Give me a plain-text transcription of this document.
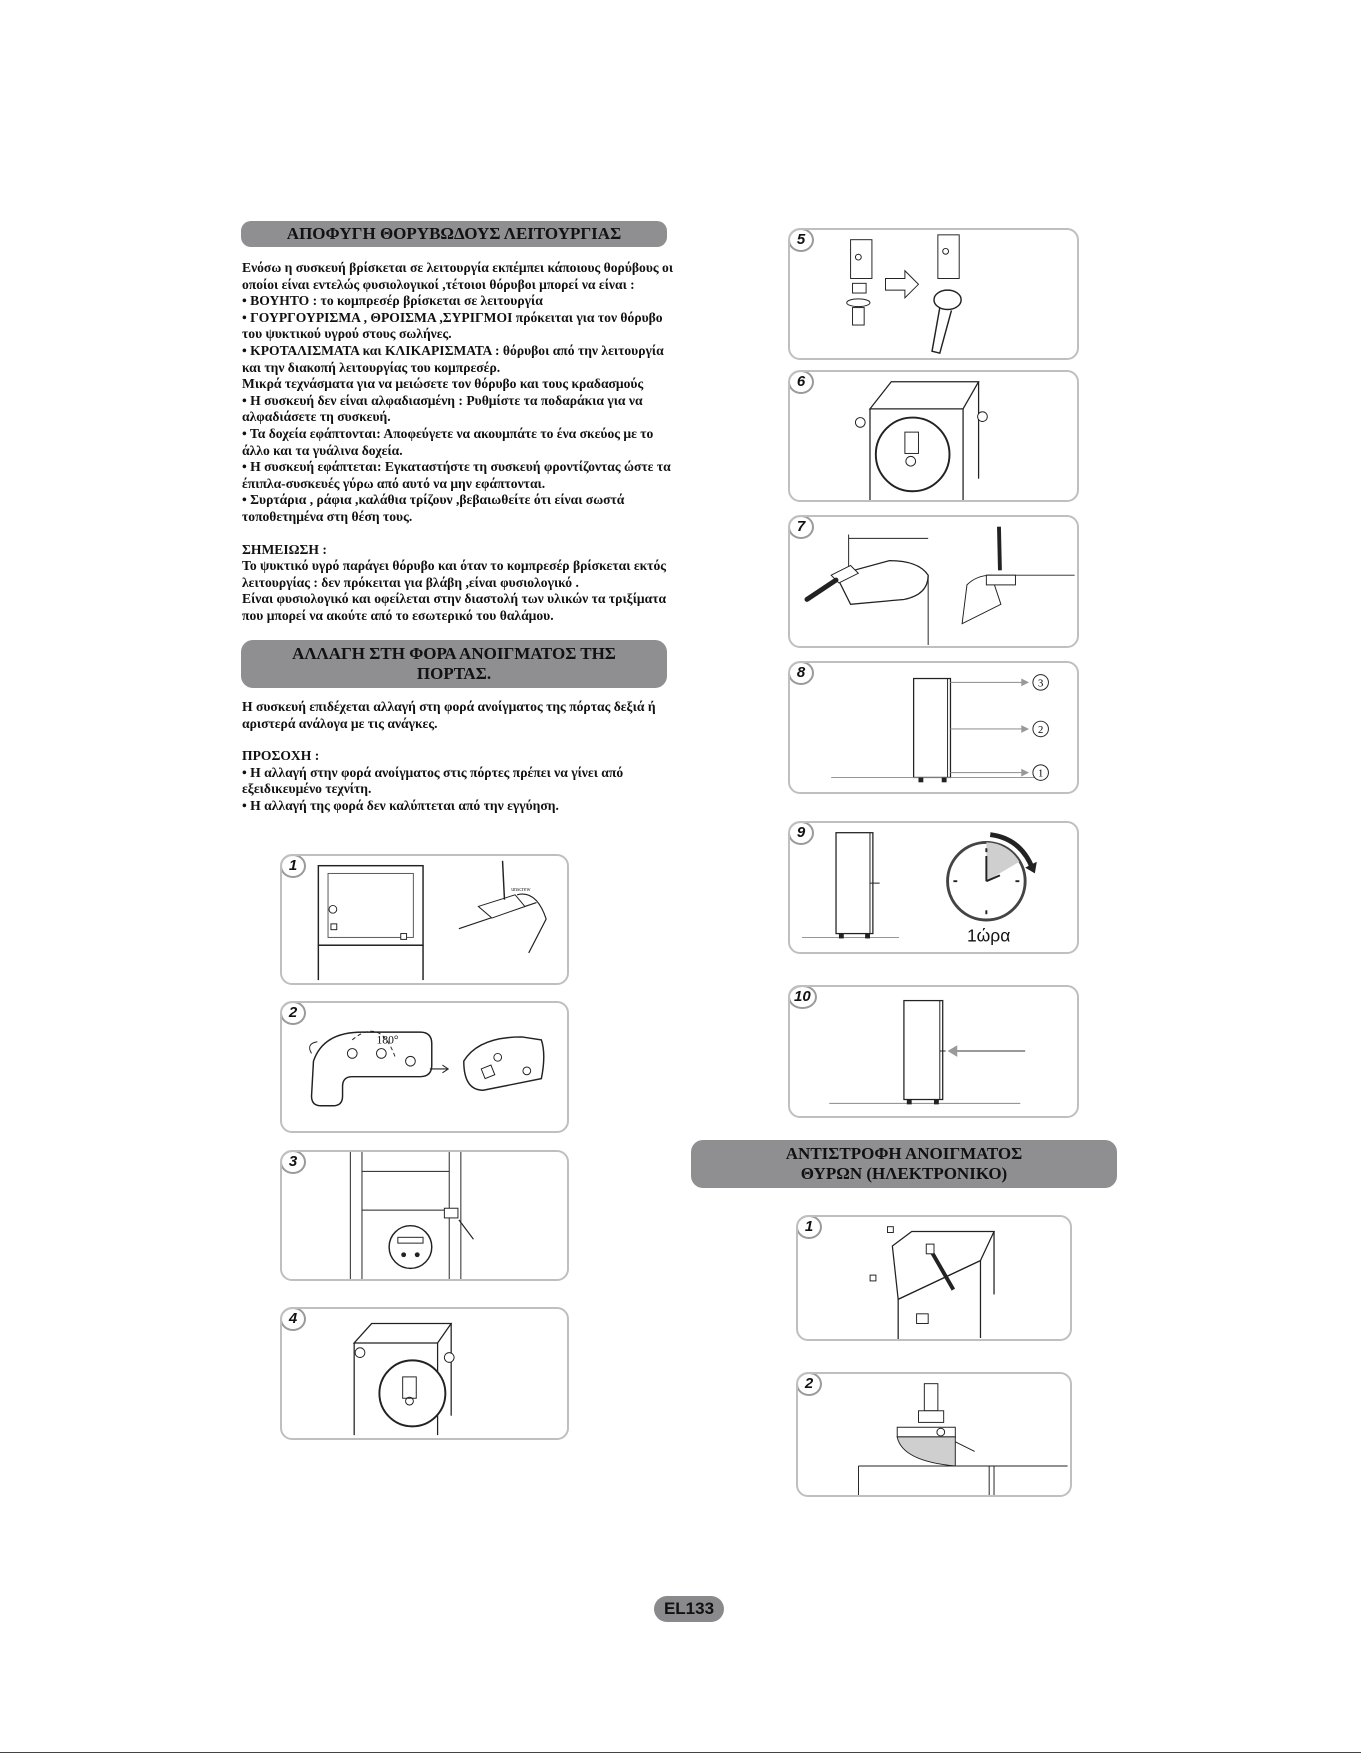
ΑΠΟΦΥΓΗ ΘΟΡΥΒΩΔΟΥΣ ΛΕΙΤΟΥΡΓΙΑΣ

Ενόσω η συσκευή βρίσκεται σε λειτουργία εκπέμπει κάποιους θορύβους οι

οποίοι είναι εντελώς φυσιολογικοί ,τέτοιοι θόρυβοι μπορεί να είναι :

• ΒΟΥΗΤΟ : το κομπρεσέρ βρίσκεται σε λειτουργία

• ΓΟΥΡΓΟΥΡΙΣΜΑ , ΘΡΟΙΣΜΑ ,ΣΥΡΙΓΜΟΙ πρόκειται για τον θόρυβο

του ψυκτικού υγρού στους σωλήνες.

• ΚΡΟΤΑΛΙΣΜΑΤΑ και ΚΛΙΚΑΡΙΣΜΑΤΑ : θόρυβοι από την λειτουργία

και την διακοπή λειτουργίας του κομπρεσέρ.

Μικρά τεχνάσματα για να μειώσετε τον θόρυβο και τους κραδασμούς

• Η συσκευή δεν είναι αλφαδιασμένη : Ρυθμίστε τα ποδαράκια για να

αλφαδιάσετε τη συσκευή.

• Τα δοχεία εφάπτονται: Αποφεύγετε να ακουμπάτε το ένα σκεύος με το

άλλο και τα γυάλινα δοχεία.

• Η συσκευή εφάπτεται: Εγκαταστήστε τη συσκευή φροντίζοντας ώστε τα

έπιπλα-συσκευές γύρω από αυτό να μην εφάπτονται.

• Συρτάρια , ράφια ,καλάθια τρίζουν ,βεβαιωθείτε ότι είναι σωστά

τοποθετημένα στη θέση τους.

ΣΗΜΕΙΩΣΗ :

Το ψυκτικό υγρό παράγει θόρυβο και όταν το κομπρεσέρ βρίσκεται εκτός

λειτουργίας : δεν πρόκειται για βλάβη ,είναι φυσιολογικό .

Είναι φυσιολογικό και οφείλεται στην διαστολή των υλικών τα τριξίματα

που μπορεί να ακούτε από το εσωτερικό του θαλάμου.

ΑΛΛΑΓΗ ΣΤΗ ΦΟΡΑ ΑΝΟΙΓΜΑΤΟΣ ΤΗΣ
ΠΟΡΤΑΣ.

Η συσκευή επιδέχεται αλλαγή στη φορά ανοίγματος της πόρτας δεξιά ή

αριστερά ανάλογα με τις ανάγκες.

ΠΡΟΣΟΧΗ :

• Η αλλαγή στην φορά ανοίγματος στις πόρτες πρέπει να γίνει από

εξειδικευμένο τεχνίτη.

• Η αλλαγή της φορά δεν καλύπτεται από την εγγύηση.

unscrew
1
180°
2
3
4
5
6
7
3
2
1
8
1ώρα
9
10
ΑΝΤΙΣΤΡΟΦΗ ΑΝΟΙΓΜΑΤΟΣ
ΘΥΡΩΝ (ΗΛΕΚΤΡΟΝΙΚΟ)
1
2
EL133
